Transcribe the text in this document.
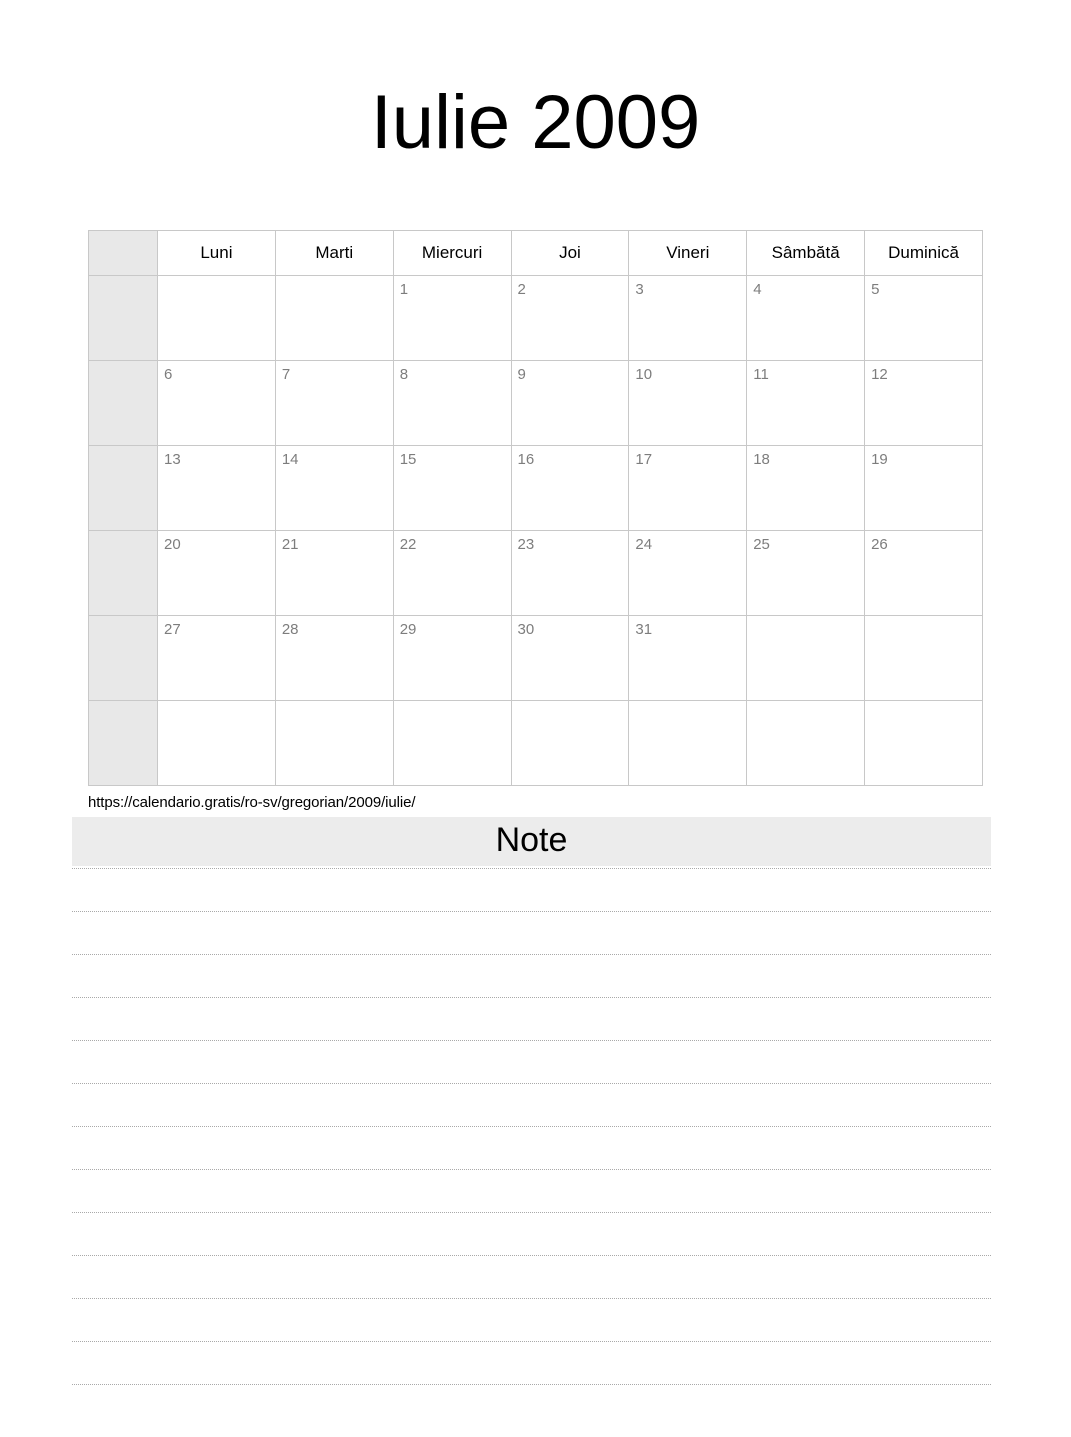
Iulie 2009
	Luni	Marti	Miercuri	Joi	Vineri	Sâmbătă	Duminică

			1	2	3	4	5

	6	7	8	9	10	11	12

	13	14	15	16	17	18	19

	20	21	22	23	24	25	26

	27	28	29	30	31		

https://calendario.gratis/ro-sv/gregorian/2009/iulie/
Note
